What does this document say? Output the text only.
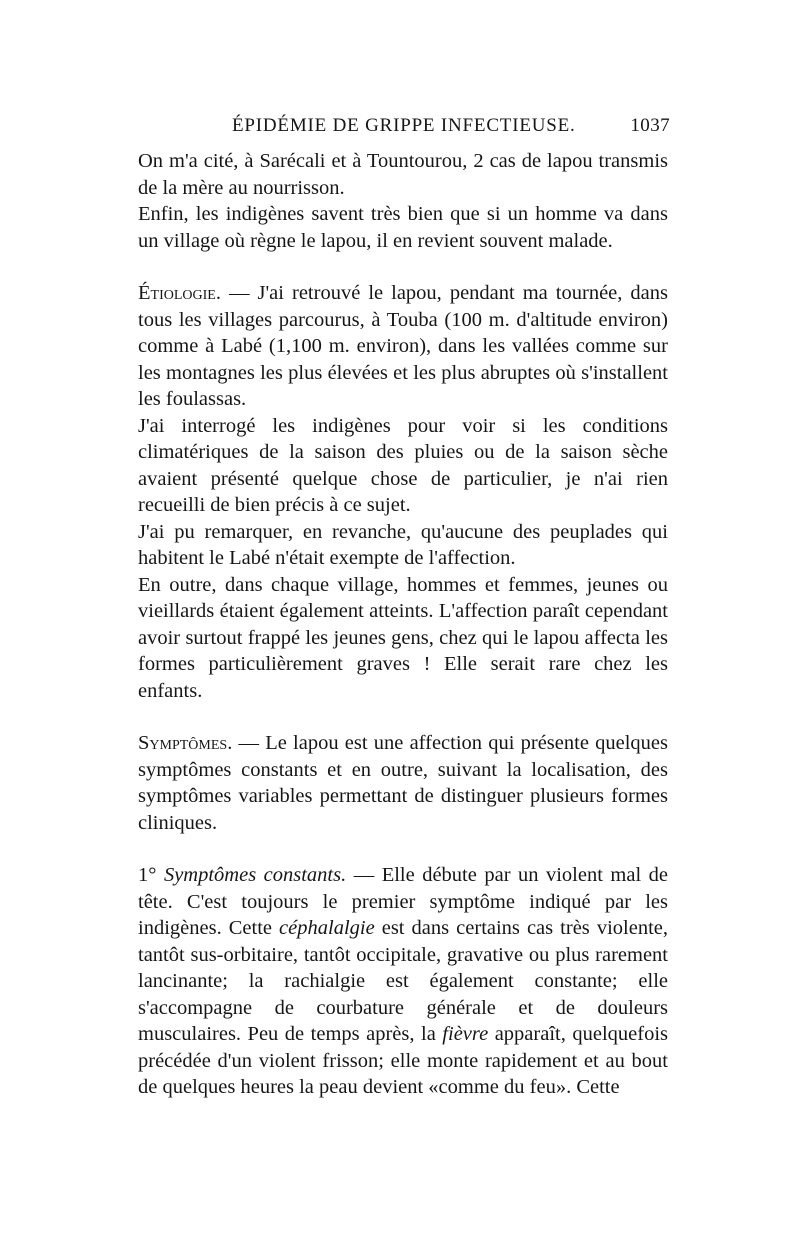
ÉPIDÉMIE DE GRIPPE INFECTIEUSE.	1037

On m'a cité, à Sarécali et à Tountourou, 2 cas de lapou transmis de la mère au nourrisson.

Enfin, les indigènes savent très bien que si un homme va dans un village où règne le lapou, il en revient souvent malade.

Étiologie. — J'ai retrouvé le lapou, pendant ma tournée, dans tous les villages parcourus, à Touba (100 m. d'altitude environ) comme à Labé (1,100 m. environ), dans les vallées comme sur les montagnes les plus élevées et les plus abruptes où s'installent les foulassas.

J'ai interrogé les indigènes pour voir si les conditions climatériques de la saison des pluies ou de la saison sèche avaient présenté quelque chose de particulier, je n'ai rien recueilli de bien précis à ce sujet.

J'ai pu remarquer, en revanche, qu'aucune des peuplades qui habitent le Labé n'était exempte de l'affection.

En outre, dans chaque village, hommes et femmes, jeunes ou vieillards étaient également atteints. L'affection paraît cependant avoir surtout frappé les jeunes gens, chez qui le lapou affecta les formes particulièrement graves ! Elle serait rare chez les enfants.

Symptômes. — Le lapou est une affection qui présente quelques symptômes constants et en outre, suivant la localisation, des symptômes variables permettant de distinguer plusieurs formes cliniques.

1° Symptômes constants. — Elle débute par un violent mal de tête. C'est toujours le premier symptôme indiqué par les indigènes. Cette céphalalgie est dans certains cas très violente, tantôt sus-orbitaire, tantôt occipitale, gravative ou plus rarement lancinante; la rachialgie est également constante; elle s'accompagne de courbature générale et de douleurs musculaires. Peu de temps après, la fièvre apparaît, quelquefois précédée d'un violent frisson; elle monte rapidement et au bout de quelques heures la peau devient «comme du feu». Cette
